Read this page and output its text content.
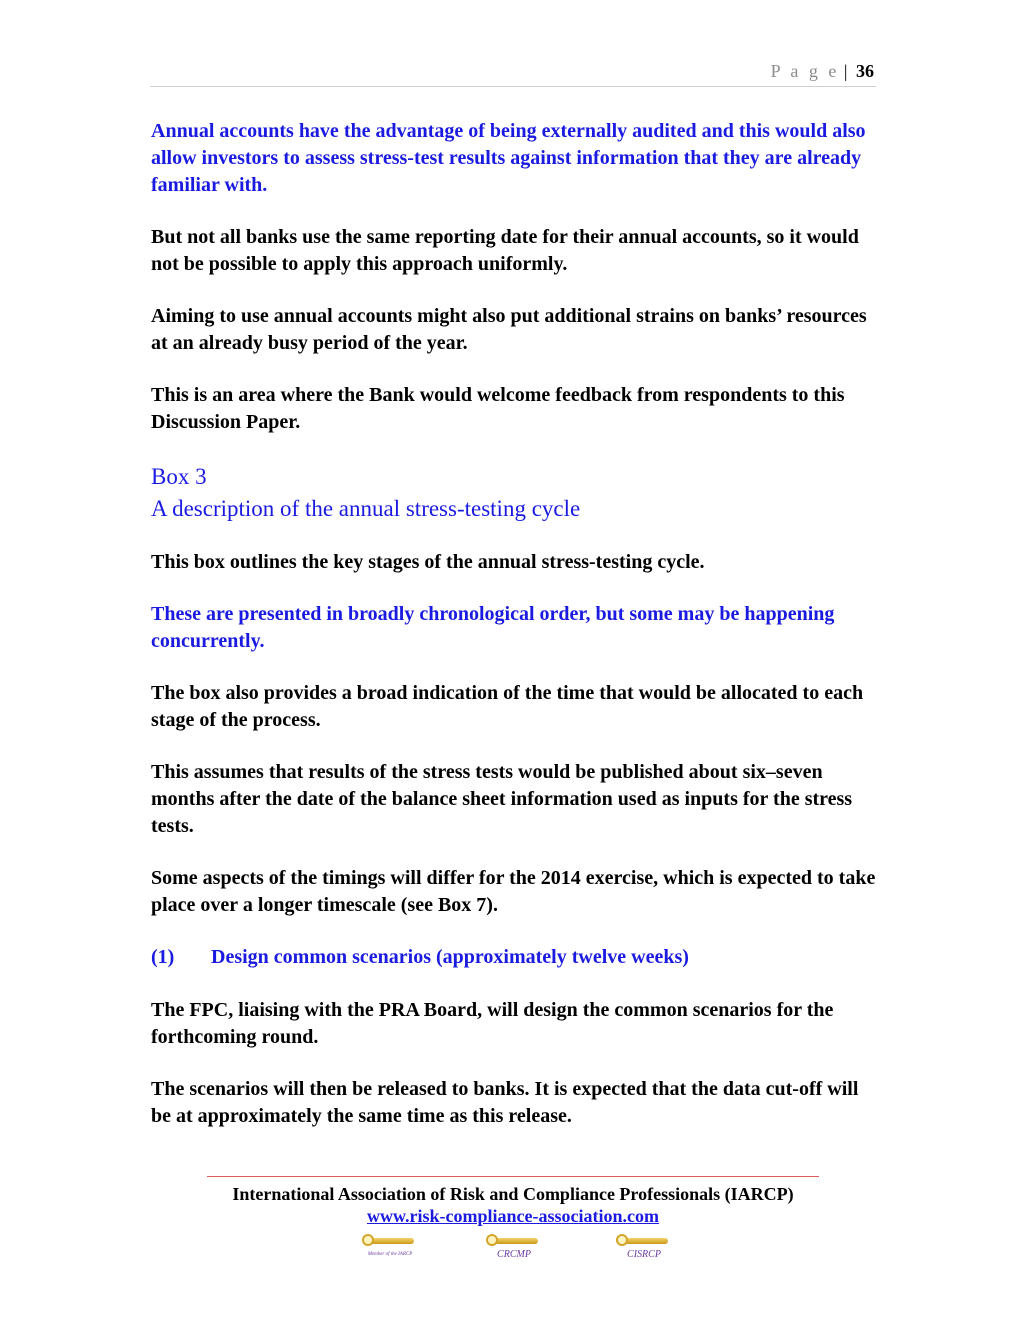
P a g e | 36

Annual accounts have the advantage of being externally audited and this would also allow investors to assess stress-test results against information that they are already familiar with.

But not all banks use the same reporting date for their annual accounts, so it would not be possible to apply this approach uniformly.

Aiming to use annual accounts might also put additional strains on banks’ resources at an already busy period of the year.

This is an area where the Bank would welcome feedback from respondents to this Discussion Paper.

Box 3
A description of the annual stress-testing cycle

This box outlines the key stages of the annual stress-testing cycle.

These are presented in broadly chronological order, but some may be happening concurrently.

The box also provides a broad indication of the time that would be allocated to each stage of the process.

This assumes that results of the stress tests would be published about six–seven months after the date of the balance sheet information used as inputs for the stress tests.

Some aspects of the timings will differ for the 2014 exercise, which is expected to take place over a longer timescale (see Box 7).

(1)	Design common scenarios (approximately twelve weeks)

The FPC, liaising with the PRA Board, will design the common scenarios for the forthcoming round.

The scenarios will then be released to banks. It is expected that the data cut-off will be at approximately the same time as this release.

International Association of Risk and Compliance Professionals (IARCP)
www.risk-compliance-association.com
Member of the IARCP	CRCMP	CISRCP
